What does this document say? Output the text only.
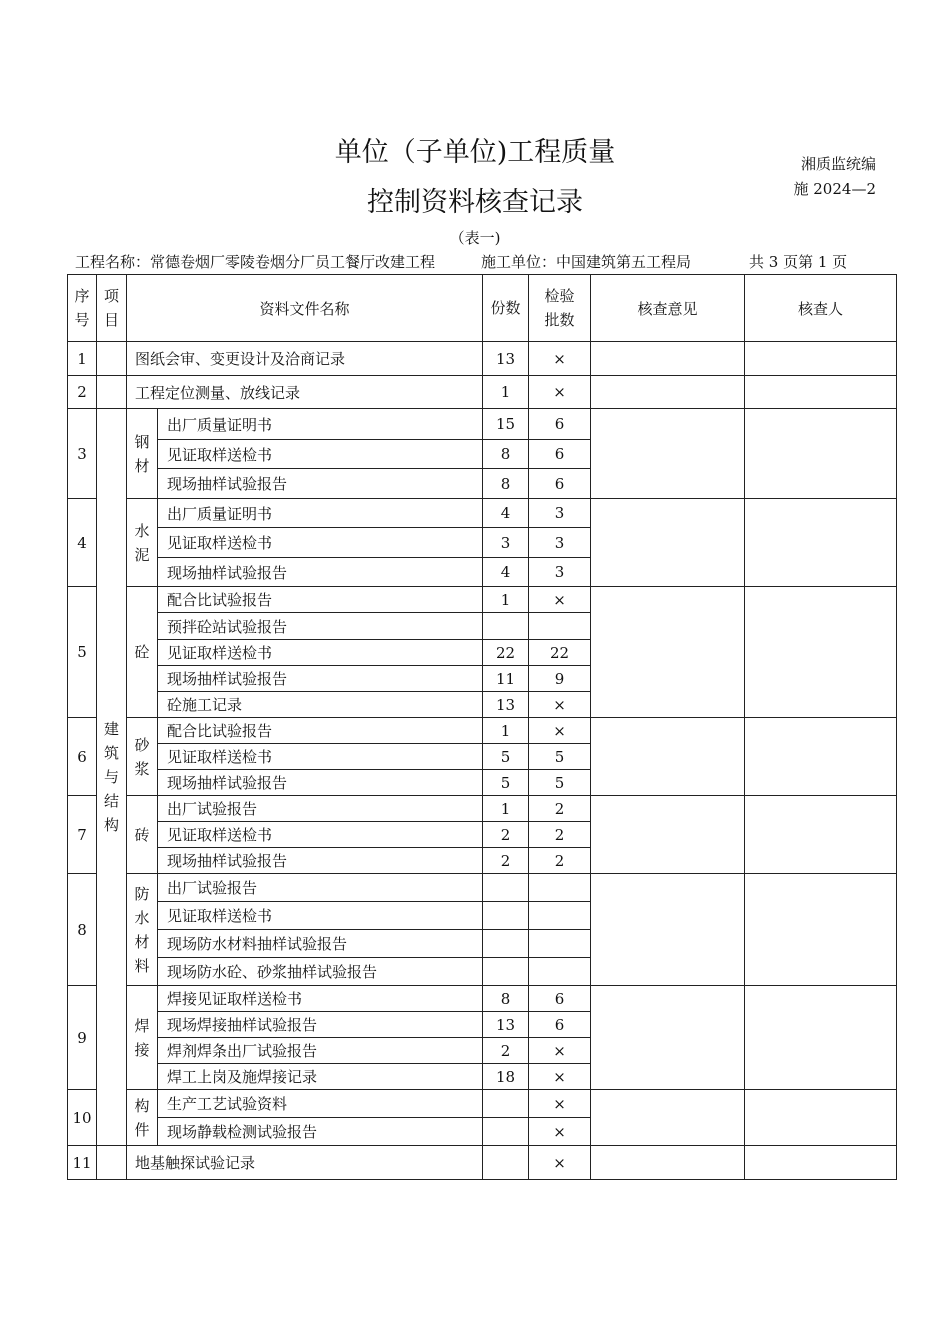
单位（子单位)工程质量
控制资料核查记录
湘质监统编
施 2024—2
（表一)
工程名称：常德卷烟厂零陵卷烟分厂员工餐厅改建工程	施工单位：中国建筑第五工程局	共 3 页第 1 页
序号	项目	资料文件名称		份数	检验批数	核查意见	核查人
1		图纸会审、变更设计及洽商记录		13	×		
2		工程定位测量、放线记录		1	×		
3	建筑与结构	钢材	出厂质量证明书	15	6		
			见证取样送检书	8	6		
			现场抽样试验报告	8	6		
4		水泥	出厂质量证明书	4	3		
			见证取样送检书	3	3		
			现场抽样试验报告	4	3		
5		砼	配合比试验报告	1	×		
			预拌砼站试验报告				
			见证取样送检书	22	22		
			现场抽样试验报告	11	9		
			砼施工记录	13	×		
6		砂浆	配合比试验报告	1	×		
			见证取样送检书	5	5		
			现场抽样试验报告	5	5		
7		砖	出厂试验报告	1	2		
			见证取样送检书	2	2		
			现场抽样试验报告	2	2		
8		防水材料	出厂试验报告				
			见证取样送检书				
			现场防水材料抽样试验报告				
			现场防水砼、砂浆抽样试验报告				
9		焊接	焊接见证取样送检书	8	6		
			现场焊接抽样试验报告	13	6		
			焊剂焊条出厂试验报告	2	×		
			焊工上岗及施焊接记录	18	×		
10		构件	生产工艺试验资料		×		
			现场静载检测试验报告		×		
11		地基触探试验记录			×		
